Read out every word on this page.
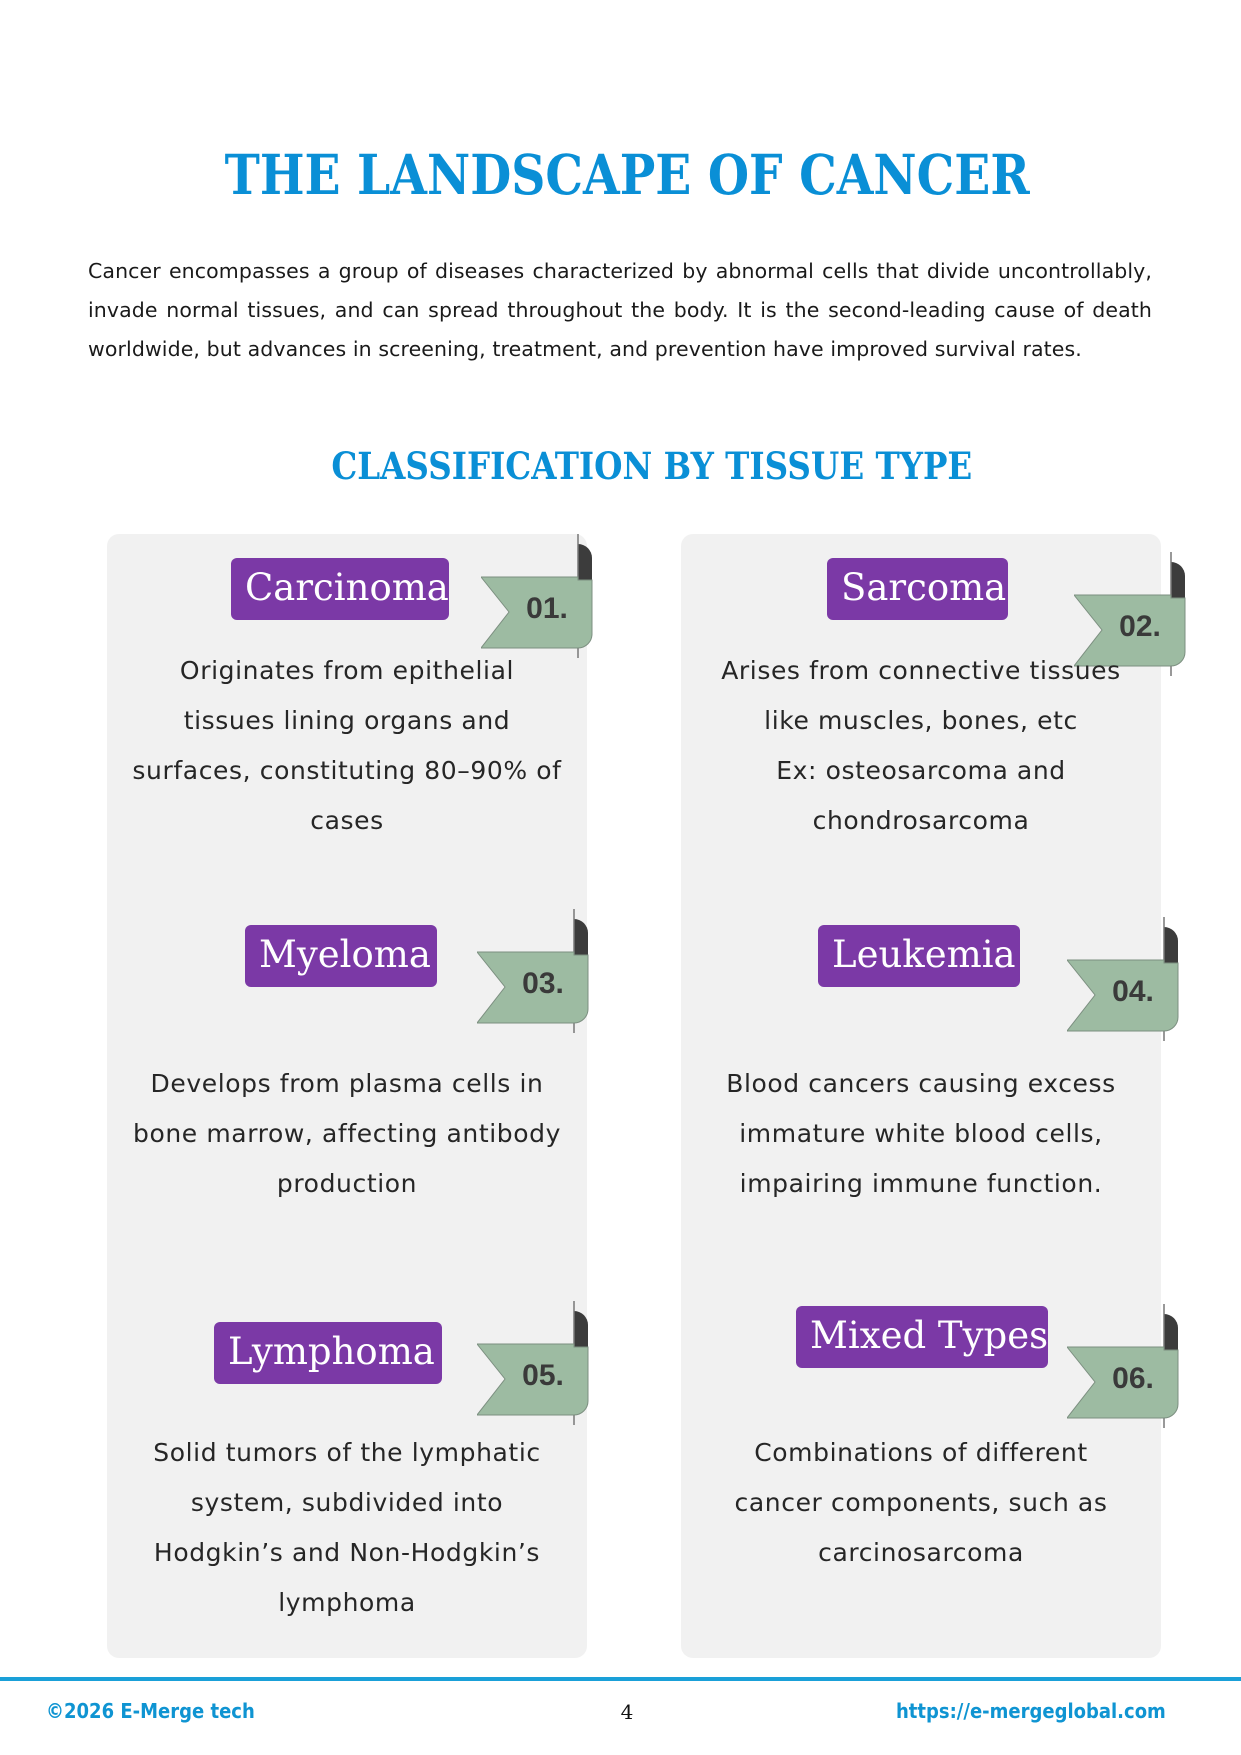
THE LANDSCAPE OF CANCER

Cancer encompasses a group of diseases characterized by abnormal cells that divide uncontrollably, invade normal tissues, and can spread throughout the body. It is the second-leading cause of death worldwide, but advances in screening, treatment, and prevention have improved survival rates.

CLASSIFICATION BY TISSUE TYPE
Carcinoma	01.
Originates from epithelial
tissues lining organs and
surfaces, constituting 80–90% of
cases
Myeloma
03.
Develops from plasma cells in
bone marrow, affecting antibody
production
Lymphoma
05.
Solid tumors of the lymphatic
system, subdivided into
Hodgkin’s and Non-Hodgkin’s
lymphoma
Sarcoma
02.
Arises from connective tissues
like muscles, bones, etc
Ex: osteosarcoma and
chondrosarcoma
Leukemia
04.
Blood cancers causing excess
immature white blood cells,
impairing immune function.
Mixed Types
06.
Combinations of different
cancer components, such as
carcinosarcoma
©2026 E-Merge tech	4	https://e-mergeglobal.com
